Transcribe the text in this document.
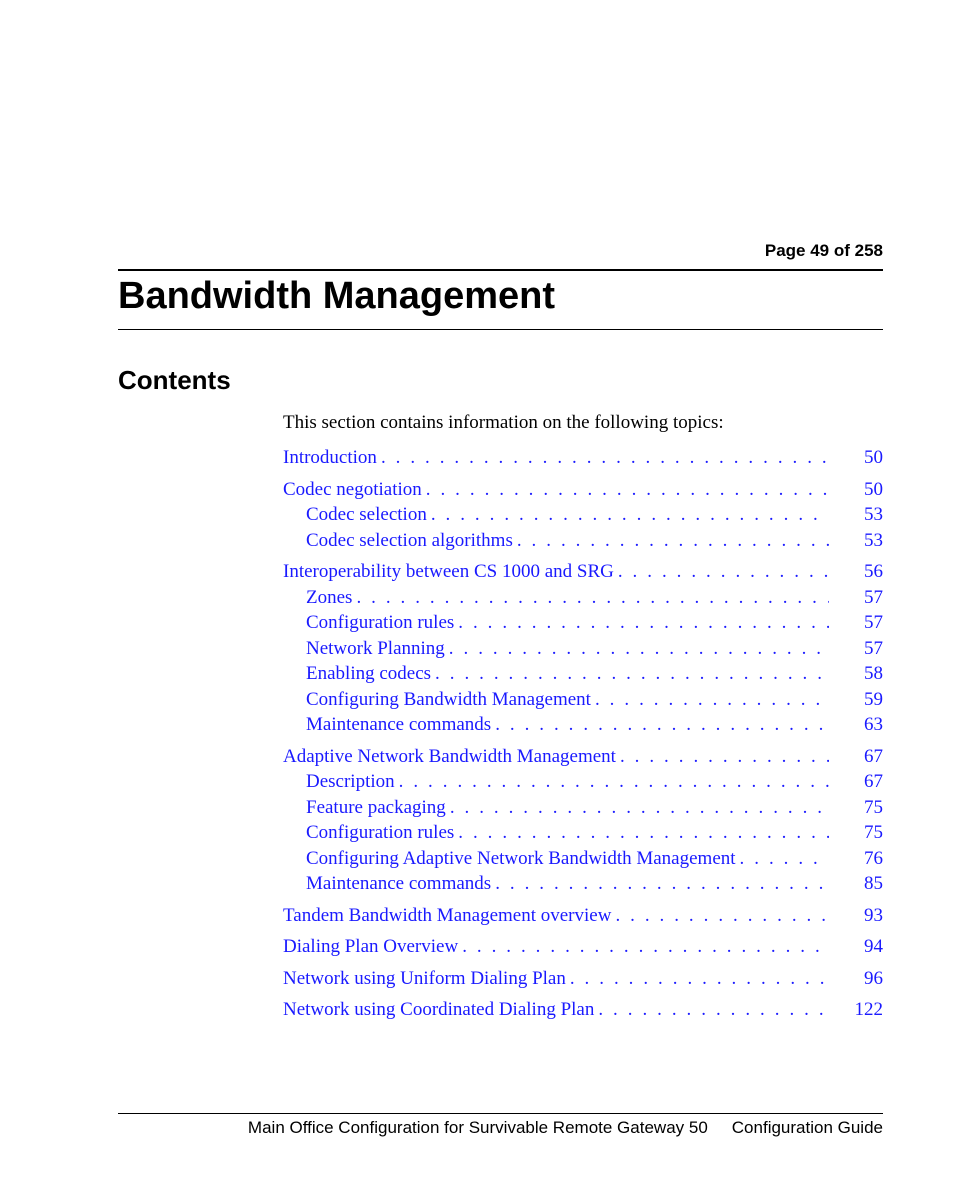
Page 49 of 258
Bandwidth Management
Contents
This section contains information on the following topics:
Introduction . . .	50
Codec negotiation . . .	50
Codec selection . . .	53
Codec selection algorithms . . .	53
Interoperability between CS 1000 and SRG . . .	56
Zones . . .	57
Configuration rules . . .	57
Network Planning . . .	57
Enabling codecs . . .	58
Configuring Bandwidth Management . . .	59
Maintenance commands . . .	63
Adaptive Network Bandwidth Management . . .	67
Description . . .	67
Feature packaging . . .	75
Configuration rules . . .	75
Configuring Adaptive Network Bandwidth Management . . .	76
Maintenance commands . . .	85
Tandem Bandwidth Management overview . . .	93
Dialing Plan Overview . . .	94
Network using Uniform Dialing Plan . . .	96
Network using Coordinated Dialing Plan . . .	122
Main Office Configuration for Survivable Remote Gateway 50 Configuration Guide
